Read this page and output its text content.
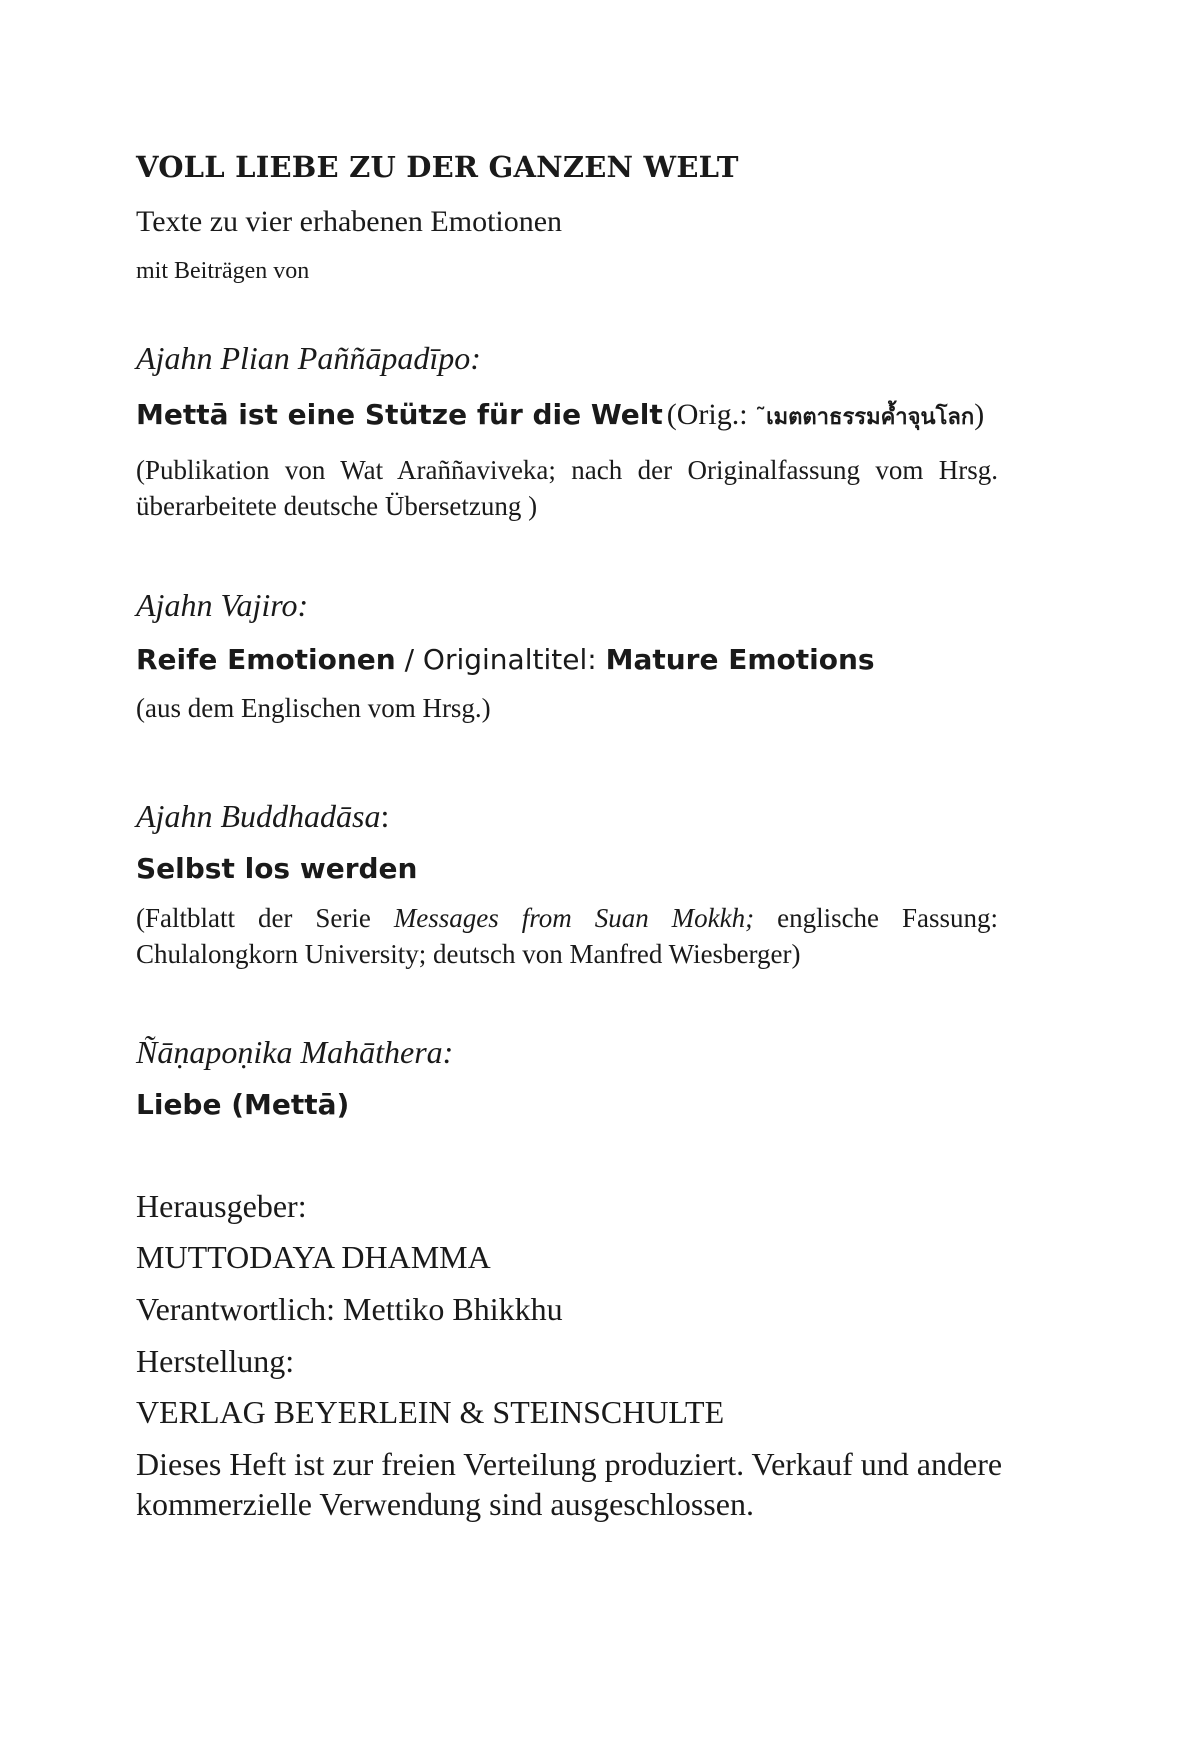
VOLL LIEBE ZU DER GANZEN WELT
Texte zu vier erhabenen Emotionen
mit Beiträgen von
Ajahn Plian Paññāpadīpo:
Mettā ist eine Stütze für die Welt (Orig.: ˜เมตตาธรรมค้ำจุนโลก)
(Publikation von Wat Araññaviveka; nach der Originalfassung vom Hrsg. überarbeitete deutsche Übersetzung )
Ajahn Vajiro:
Reife Emotionen / Originaltitel: Mature Emotions
(aus dem Englischen vom Hrsg.)
Ajahn Buddhadāsa:
Selbst los werden
(Faltblatt der Serie Messages from Suan Mokkh; englische Fassung: Chulalongkorn University; deutsch von Manfred Wiesberger)
Ñāṇapoṇika Mahāthera:
Liebe (Mettā)
Herausgeber:
MUTTODAYA DHAMMA
Verantwortlich: Mettiko Bhikkhu
Herstellung:
VERLAG BEYERLEIN & STEINSCHULTE
Dieses Heft ist zur freien Verteilung produziert. Verkauf und andere kommerzielle Verwendung sind ausgeschlossen.
